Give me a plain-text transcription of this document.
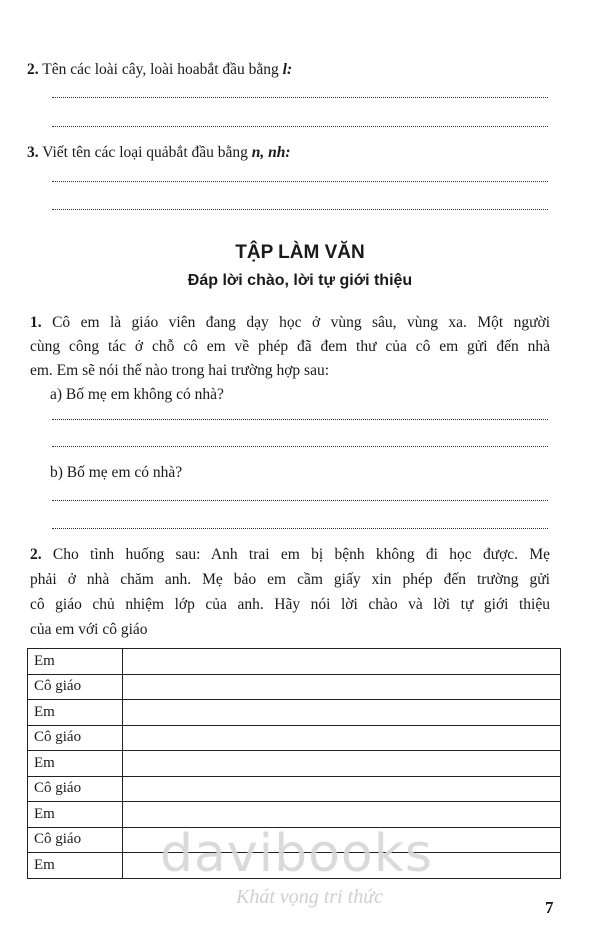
2. Tên các loài cây, loài hoabắt đầu bằng l:
3. Viết tên các loại quảbắt đầu bằng n, nh:
TẬP LÀM VĂN
Đáp lời chào, lời tự giới thiệu
1. Cô em là giáo viên đang dạy học ở vùng sâu, vùng xa. Một người
cùng công tác ở chỗ cô em về phép đã đem thư của cô em gửi đến nhà
em. Em sẽ nói thế nào trong hai trường hợp sau:
a) Bố mẹ em không có nhà?
b) Bố mẹ em có nhà?
2. Cho tình huống sau: Anh trai em bị bệnh không đi học được. Mẹ
phải ở nhà chăm anh. Mẹ bảo em cầm giấy xin phép đến trường gửi
cô giáo chủ nhiệm lớp của anh. Hãy nói lời chào và lời tự giới thiệu
của em với cô giáo
Em	
Cô giáo	
Em	
Cô giáo	
Em	
Cô giáo	
Em	
Cô giáo	
Em	davibooks
Khát vọng tri thức	7
